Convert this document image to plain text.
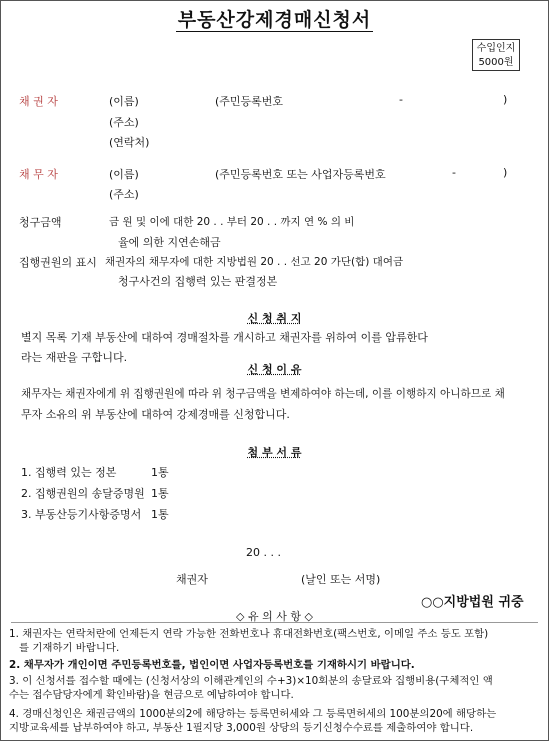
부동산강제경매신청서
수입인지
5000원
채 권 자	(이름)	(주민등록번호	-	)
(주소)
(연락처)
채 무 자	(이름)	(주민등록번호 또는 사업자등록번호	-	)
(주소)
청구금액	금 원 및 이에 대한 20 . . 부터 20 . . 까지 연 % 의 비
율에 의한 지연손해금
집행권원의 표시 채권자의 채무자에 대한 지방법원 20 . . 선고 20 가단(합) 대여금
청구사건의 집행력 있는 판결정본
신 청 취 지
별지 목록 기재 부동산에 대하여 경매절차를 개시하고 채권자를 위하여 이를 압류한다
라는 재판을 구합니다.
신 청 이 유
채무자는 채권자에게 위 집행권원에 따라 위 청구금액을 변제하여야 하는데, 이를 이행하지 아니하므로 채
무자 소유의 위 부동산에 대하여 강제경매를 신청합니다.
첨 부 서 류
1. 집행력 있는 정본	1통
2. 집행권원의 송달증명원 1통
3. 부동산등기사항증명서 1통
20 . . .
채권자	(날인 또는 서명)
○○지방법원 귀중
◇ 유 의 사 항 ◇
1. 채권자는 연락처란에 언제든지 연락 가능한 전화번호나 휴대전화번호(팩스번호, 이메일 주소 등도 포함)
를 기재하기 바랍니다.
2. 채무자가 개인이면 주민등록번호를, 법인이면 사업자등록번호를 기재하시기 바랍니다.
3. 이 신청서를 접수할 때에는 (신청서상의 이해관계인의 수+3)×10회분의 송달료와 집행비용(구체적인 액
수는 접수담당자에게 확인바람)을 현금으로 예납하여야 합니다.
4. 경매신청인은 채권금액의 1000분의2에 해당하는 등록면허세와 그 등록면허세의 100분의20에 해당하는
지방교육세를 납부하여야 하고, 부동산 1필지당 3,000원 상당의 등기신청수수료를 제출하여야 합니다.
